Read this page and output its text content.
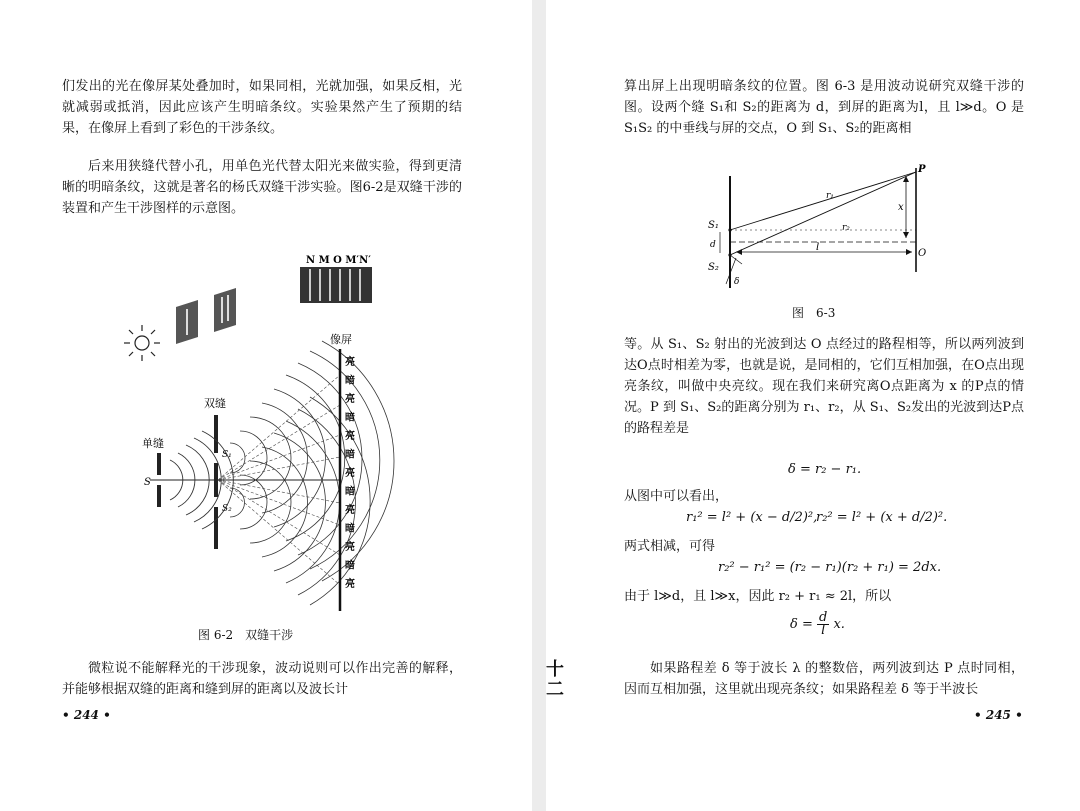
们发出的光在像屏某处叠加时，如果同相，光就加强，如果反相，光就减弱或抵消，因此应该产生明暗条纹。实验果然产生了预期的结果，在像屏上看到了彩色的干涉条纹。

后来用狭缝代替小孔，用单色光代替太阳光来做实验，得到更清晰的明暗条纹，这就是著名的杨氏双缝干涉实验。图6-2是双缝干涉的装置和产生干涉图样的示意图。

N M O M′N′
像屏
双缝
单缝
S
S₁
S₂
亮
暗
亮
暗
亮
暗
亮
暗
亮
暗
亮
暗
亮
图 6-2　双缝干涉

微粒说不能解释光的干涉现象，波动说则可以作出完善的解释，并能够根据双缝的距离和缝到屏的距离以及波长计

• 244 •
十二

算出屏上出现明暗条纹的位置。图 6-3 是用波动说研究双缝干涉的图。设两个缝 S₁和 S₂的距离为 d，到屏的距离为l，且 l≫d。O 是 S₁S₂ 的中垂线与屏的交点，O 到 S₁、S₂的距离相

P
r₁
r₂
l
x
O
S₁
S₂
d
δ
图　6-3

等。从 S₁、S₂ 射出的光波到达 O 点经过的路程相等，所以两列波到达O点时相差为零，也就是说，是同相的，它们互相加强，在O点出现亮条纹，叫做中央亮纹。现在我们来研究离O点距离为 x 的P点的情况。P 到 S₁、S₂的距离分别为 r₁、r₂，从 S₁、S₂发出的光波到达P点的路程差是

δ = r₂ − r₁.
从图中可以看出，
r₁² = l² + (x − d/2)²,
r₂² = l² + (x + d/2)².
两式相减，可得
r₂² − r₁² = (r₂ − r₁)(r₂ + r₁) = 2dx.
由于 l≫d，且 l≫x，因此 r₂ + r₁ ≈ 2l，所以
$\delta = \frac{d}{l} x$.

如果路程差 δ 等于波长 λ 的整数倍，两列波到达 P 点时同相，因而互相加强，这里就出现亮条纹；如果路程差 δ 等于半波长

• 245 •
